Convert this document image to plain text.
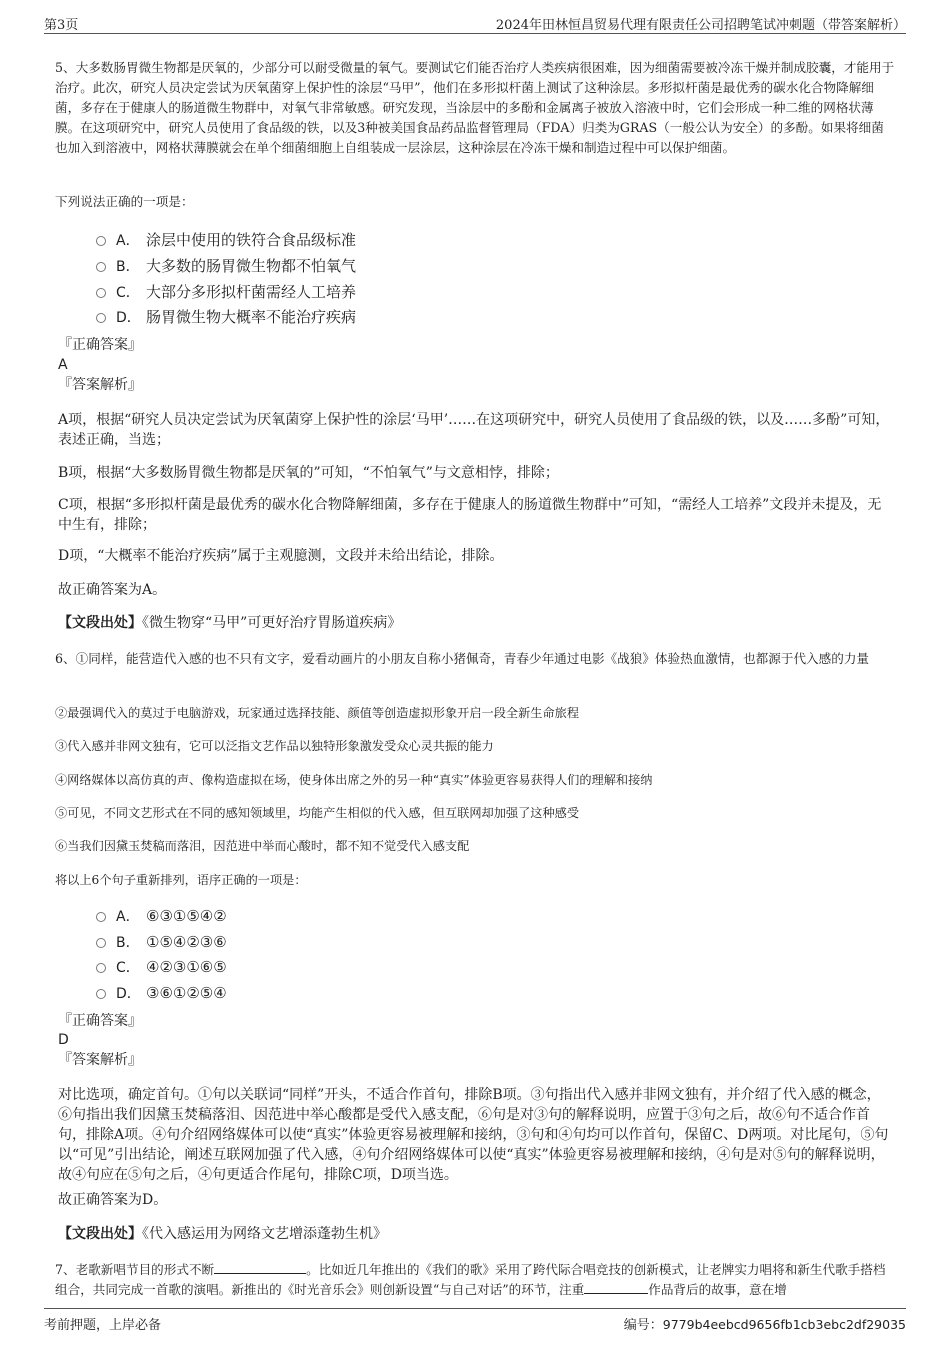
第3页	2024年田林恒昌贸易代理有限责任公司招聘笔试冲刺题（带答案解析）
5、大多数肠胃微生物都是厌氧的，少部分可以耐受微量的氧气。要测试它们能否治疗人类疾病很困难，因为细菌需要被冷冻干燥并制成胶囊，才能用于治疗。此次，研究人员决定尝试为厌氧菌穿上保护性的涂层“马甲”，他们在多形拟杆菌上测试了这种涂层。多形拟杆菌是最优秀的碳水化合物降解细菌，多存在于健康人的肠道微生物群中，对氧气非常敏感。研究发现，当涂层中的多酚和金属离子被放入溶液中时，它们会形成一种二维的网格状薄膜。在这项研究中，研究人员使用了食品级的铁，以及3种被美国食品药品监督管理局（FDA）归类为GRAS（一般公认为安全）的多酚。如果将细菌也加入到溶液中，网格状薄膜就会在单个细菌细胞上自组装成一层涂层，这种涂层在冷冻干燥和制造过程中可以保护细菌。
下列说法正确的一项是：
A． 涂层中使用的铁符合食品级标准
B． 大多数的肠胃微生物都不怕氧气
C． 大部分多形拟杆菌需经人工培养
D． 肠胃微生物大概率不能治疗疾病
『正确答案』
A
『答案解析』
A项，根据“研究人员决定尝试为厌氧菌穿上保护性的涂层‘马甲’……在这项研究中，研究人员使用了食品级的铁，以及……多酚”可知，表述正确，当选；
B项，根据“大多数肠胃微生物都是厌氧的”可知，“不怕氧气”与文意相悖，排除；
C项，根据“多形拟杆菌是最优秀的碳水化合物降解细菌，多存在于健康人的肠道微生物群中”可知，“需经人工培养”文段并未提及，无中生有，排除；
D项，“大概率不能治疗疾病”属于主观臆测，文段并未给出结论，排除。
故正确答案为A。
【文段出处】《微生物穿“马甲”可更好治疗胃肠道疾病》
6、①同样，能营造代入感的也不只有文字，爱看动画片的小朋友自称小猪佩奇，青春少年通过电影《战狼》体验热血激情，也都源于代入感的力量
②最强调代入的莫过于电脑游戏，玩家通过选择技能、颜值等创造虚拟形象开启一段全新生命旅程
③代入感并非网文独有，它可以泛指文艺作品以独特形象激发受众心灵共振的能力
④网络媒体以高仿真的声、像构造虚拟在场，使身体出席之外的另一种“真实”体验更容易获得人们的理解和接纳
⑤可见，不同文艺形式在不同的感知领域里，均能产生相似的代入感，但互联网却加强了这种感受
⑥当我们因黛玉焚稿而落泪，因范进中举而心酸时，都不知不觉受代入感支配
将以上6个句子重新排列，语序正确的一项是：
A． ⑥③①⑤④②
B． ①⑤④②③⑥
C． ④②③①⑥⑤
D． ③⑥①②⑤④
『正确答案』
D
『答案解析』
对比选项，确定首句。①句以关联词“同样”开头，不适合作首句，排除B项。③句指出代入感并非网文独有，并介绍了代入感的概念，⑥句指出我们因黛玉焚稿落泪、因范进中举心酸都是受代入感支配，⑥句是对③句的解释说明，应置于③句之后，故⑥句不适合作首句，排除A项。④句介绍网络媒体可以使“真实”体验更容易被理解和接纳，③句和④句均可以作首句，保留C、D两项。对比尾句，⑤句以“可见”引出结论，阐述互联网加强了代入感，④句介绍网络媒体可以使“真实”体验更容易被理解和接纳，④句是对⑤句的解释说明，故④句应在⑤句之后，④句更适合作尾句，排除C项，D项当选。
故正确答案为D。
【文段出处】《代入感运用为网络文艺增添蓬勃生机》
7、老歌新唱节目的形式不断	。比如近几年推出的《我们的歌》采用了跨代际合唱竞技的创新模式，让老牌实力唱将和新生代歌手搭档组合，共同完成一首歌的演唱。新推出的《时光音乐会》则创新设置“与自己对话”的环节，注重	作品背后的故事，意在增
考前押题，上岸必备	编号：9779b4eebcd9656fb1cb3ebc2df29035
